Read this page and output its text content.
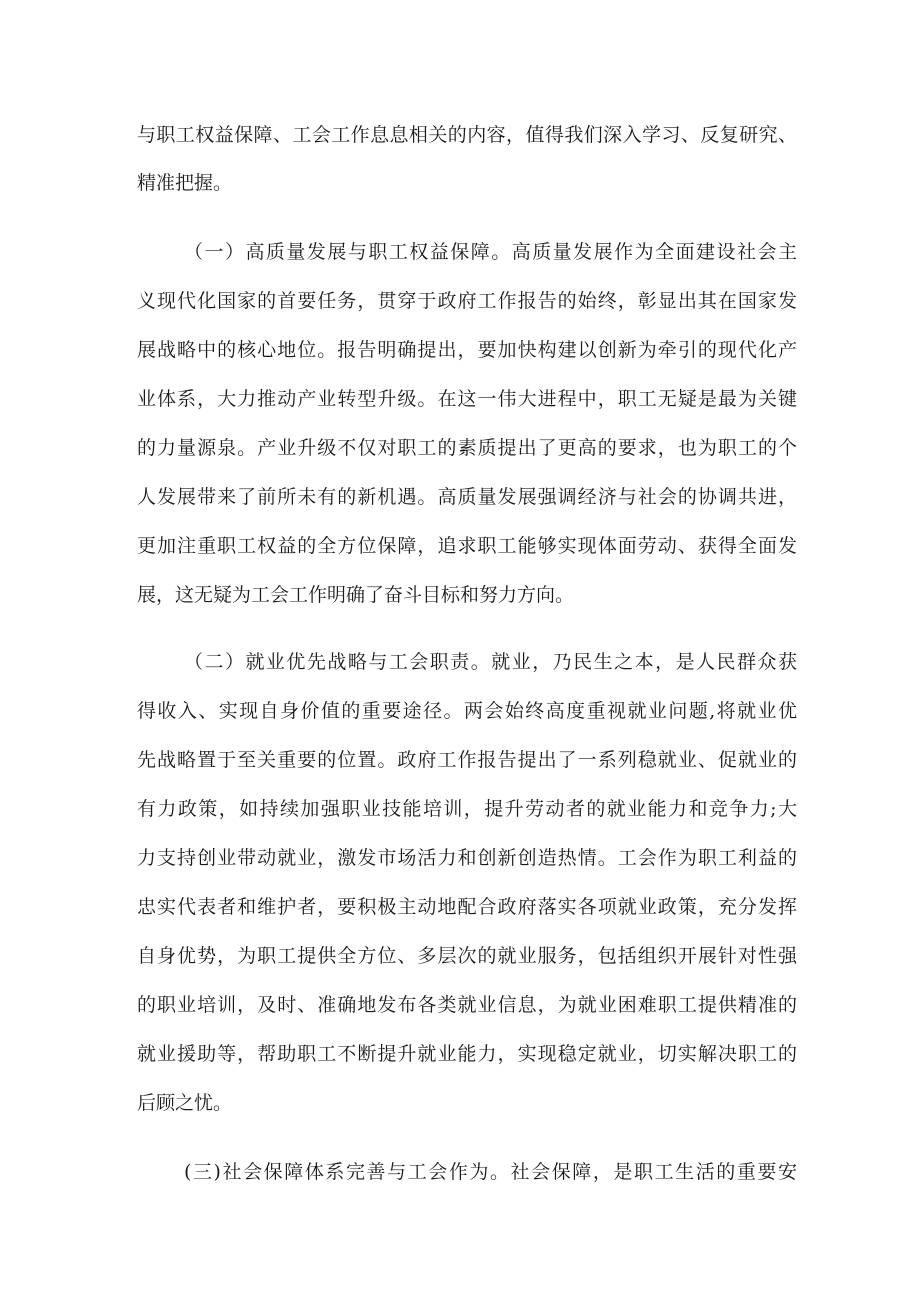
与职工权益保障、工会工作息息相关的内容，值得我们深入学习、反复研究、
精准把握。
（一）高质量发展与职工权益保障。高质量发展作为全面建设社会主
义现代化国家的首要任务，贯穿于政府工作报告的始终，彰显出其在国家发
展战略中的核心地位。报告明确提出，要加快构建以创新为牵引的现代化产
业体系，大力推动产业转型升级。在这一伟大进程中，职工无疑是最为关键
的力量源泉。产业升级不仅对职工的素质提出了更高的要求，也为职工的个
人发展带来了前所未有的新机遇。高质量发展强调经济与社会的协调共进，
更加注重职工权益的全方位保障，追求职工能够实现体面劳动、获得全面发
展，这无疑为工会工作明确了奋斗目标和努力方向。
（二）就业优先战略与工会职责。就业，乃民生之本，是人民群众获
得收入、实现自身价值的重要途径。两会始终高度重视就业问题,将就业优
先战略置于至关重要的位置。政府工作报告提出了一系列稳就业、促就业的
有力政策，如持续加强职业技能培训，提升劳动者的就业能力和竞争力;大
力支持创业带动就业，激发市场活力和创新创造热情。工会作为职工利益的
忠实代表者和维护者，要积极主动地配合政府落实各项就业政策，充分发挥
自身优势，为职工提供全方位、多层次的就业服务，包括组织开展针对性强
的职业培训，及时、准确地发布各类就业信息，为就业困难职工提供精准的
就业援助等，帮助职工不断提升就业能力，实现稳定就业，切实解决职工的
后顾之忧。
(三)社会保障体系完善与工会作为。社会保障，是职工生活的重要安
